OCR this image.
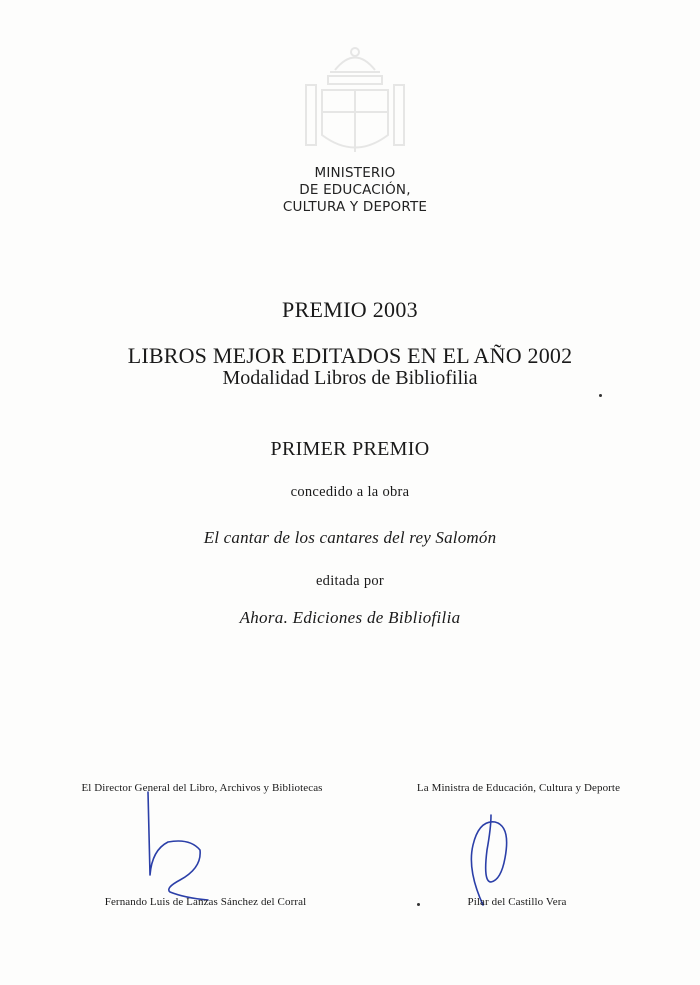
MINISTERIO
DE EDUCACIÓN,
CULTURA Y DEPORTE
PREMIO 2003
LIBROS MEJOR EDITADOS EN EL AÑO 2002
Modalidad Libros de Bibliofilia
PRIMER PREMIO
concedido a la obra
El cantar de los cantares del rey Salomón
editada por
Ahora. Ediciones de Bibliofilia
El Director General del Libro, Archivos y Bibliotecas	La Ministra de Educación, Cultura y Deporte
Fernando Luis de Lanzas Sánchez del Corral	Pilar del Castillo Vera
